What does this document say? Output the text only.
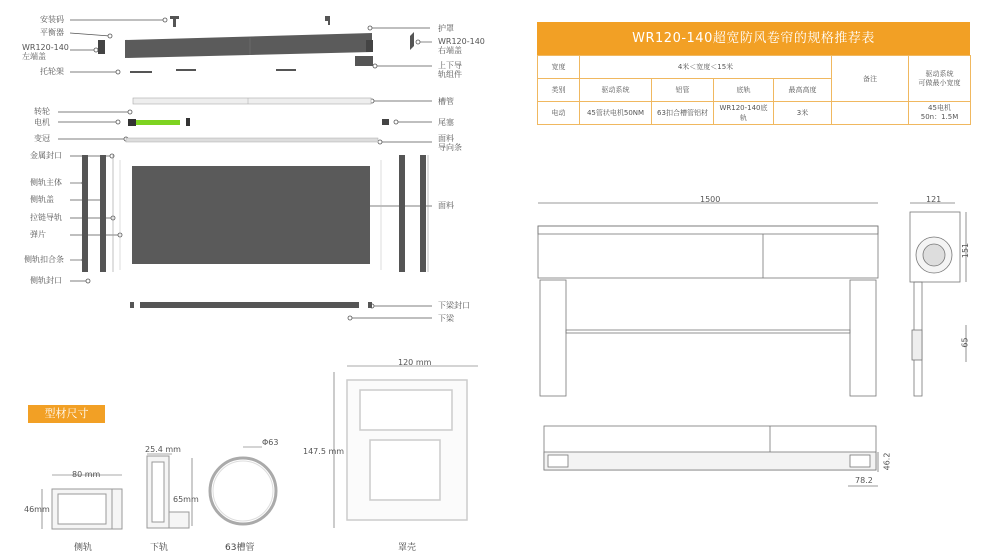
安装码
平衡器
WR120-140
左端盖
托轮架
护罩
WR120-140
右端盖
上下导
轨组件
转轮
电机
变冠
槽管
尾塞
面料
导向条
金属封口
侧轨主体
侧轨盖
拉链导轨
弹片
侧轨扣合条
侧轨封口
面料
下梁封口
下梁
型材尺寸
80 mm
46mm
侧轨
25.4 mm
65mm
下轨
Φ63
63槽管
120 mm
147.5 mm
罩壳
1500	121
151
65
78.2
46.2
WR120-140超宽防风卷帘的规格推荐表
宽度	4米＜宽度＜15米				备注	驱动系统
可做最小宽度
类别	驱动系统	铝管	底轨	最高高度		
电动	45管状电机50NM	63扣合槽管铝材	WR120-140底轨	3米		45电机
50n：1.5M
